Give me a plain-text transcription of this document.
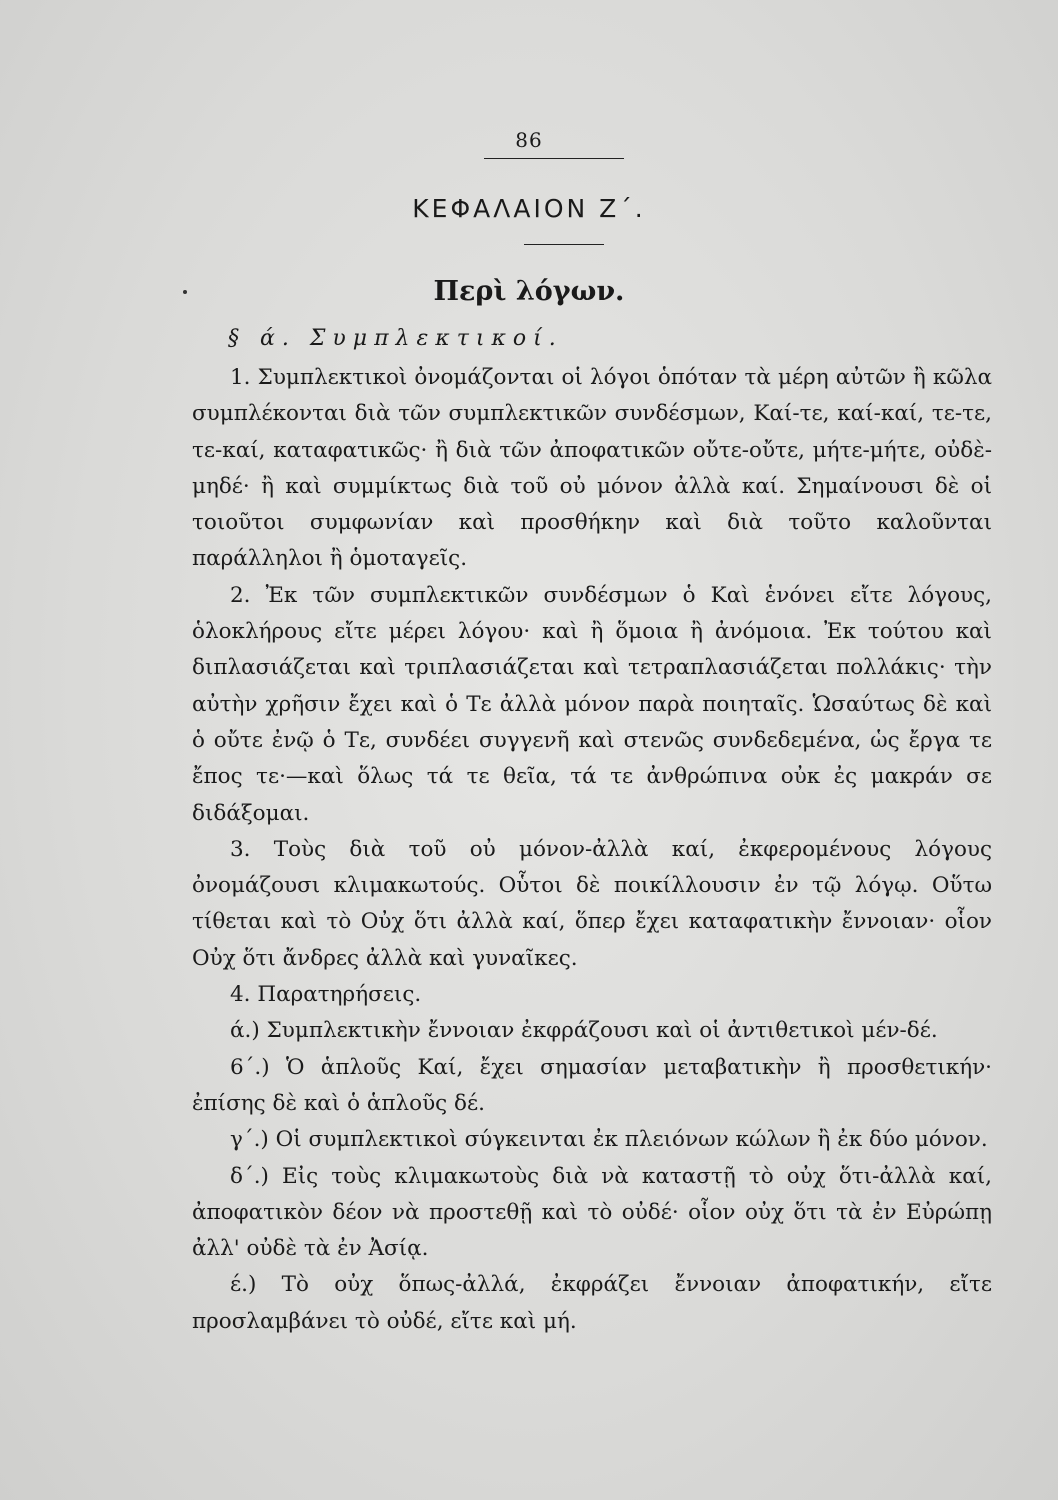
86
ΚΕΦΑΛΑΙΟΝ Ζ΄.
Περὶ λόγων.
§ ά. Συμπλεκτικοί.

1. Συμπλεκτικοὶ ὀνομάζονται οἱ λόγοι ὁπόταν τὰ μέρη αὐτῶν ἢ κῶλα συμπλέκονται διὰ τῶν συμπλεκτικῶν συνδέσμων, Καί-τε, καί-καί, τε-τε, τε-καί, καταφατικῶς· ἢ διὰ τῶν ἀποφατικῶν οὔτε-οὔτε, μήτε-μήτε, οὐδὲ-μηδέ· ἢ καὶ συμμίκτως διὰ τοῦ οὐ μόνον ἀλλὰ καί. Σημαίνουσι δὲ οἱ τοιοῦτοι συμφωνίαν καὶ προσθήκην καὶ διὰ τοῦτο καλοῦνται παράλληλοι ἢ ὁμοταγεῖς.

2. Ἐκ τῶν συμπλεκτικῶν συνδέσμων ὁ Καὶ ἑνόνει εἴτε λόγους, ὁλοκλήρους εἴτε μέρει λόγου· καὶ ἢ ὅμοια ἢ ἀνόμοια. Ἐκ τούτου καὶ διπλασιάζεται καὶ τριπλασιάζεται καὶ τετραπλασιάζεται πολλάκις· τὴν αὐτὴν χρῆσιν ἔχει καὶ ὁ Τε ἀλλὰ μόνον παρὰ ποιηταῖς. Ὡσαύτως δὲ καὶ ὁ οὔτε ἐνῷ ὁ Τε, συνδέει συγγενῆ καὶ στενῶς συνδεδεμένα, ὡς ἔργα τε ἔπος τε·—καὶ ὅλως τά τε θεῖα, τά τε ἀνθρώπινα οὐκ ἐς μακράν σε διδάξομαι.

3. Τοὺς διὰ τοῦ οὐ μόνον-ἀλλὰ καί, ἐκφερομένους λόγους ὀνομάζουσι κλιμακωτούς. Οὗτοι δὲ ποικίλλουσιν ἐν τῷ λόγῳ. Οὕτω τίθεται καὶ τὸ Οὐχ ὅτι ἀλλὰ καί, ὅπερ ἔχει καταφατικὴν ἔννοιαν· οἷον Οὐχ ὅτι ἄνδρες ἀλλὰ καὶ γυναῖκες.

4. Παρατηρήσεις.

ά.) Συμπλεκτικὴν ἔννοιαν ἐκφράζουσι καὶ οἱ ἀντιθετικοὶ μέν-δέ.

6΄.) Ὁ ἁπλοῦς Καί, ἔχει σημασίαν μεταβατικὴν ἢ προσθετικήν· ἐπίσης δὲ καὶ ὁ ἁπλοῦς δέ.

γ΄.) Οἱ συμπλεκτικοὶ σύγκεινται ἐκ πλειόνων κώλων ἢ ἐκ δύο μόνον.

δ΄.) Εἰς τοὺς κλιμακωτοὺς διὰ νὰ καταστῇ τὸ οὐχ ὅτι-ἀλλὰ καί, ἀποφατικὸν δέον νὰ προστεθῇ καὶ τὸ οὐδέ· οἷον οὐχ ὅτι τὰ ἐν Εὐρώπῃ ἀλλ' οὐδὲ τὰ ἐν Ἀσίᾳ.

έ.) Τὸ οὐχ ὅπως-ἀλλά, ἐκφράζει ἔννοιαν ἀποφατικήν, εἴτε προσλαμβάνει τὸ οὐδέ, εἴτε καὶ μή.
